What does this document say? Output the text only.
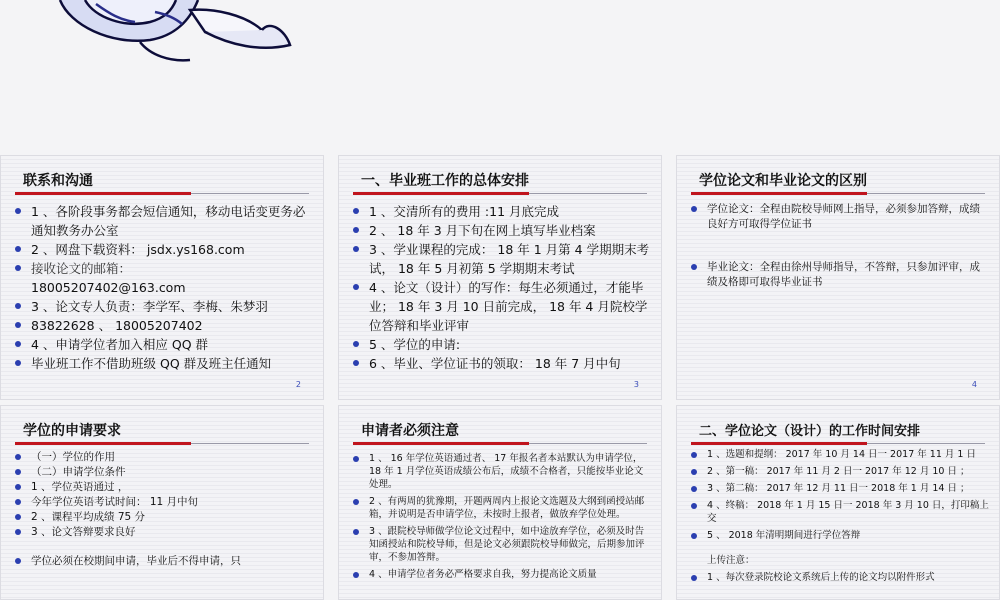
联系和沟通
1 、各阶段事务都会短信通知，移动电话变更务必通知教务办公室
2 、网盘下载资料： jsdx.ys168.com
接收论文的邮箱：
18005207402@163.com
3 、论文专人负责：李学军、李梅、朱梦羽
83822628 、 18005207402
4 、申请学位者加入相应 QQ 群
毕业班工作不借助班级 QQ 群及班主任通知
2
一、毕业班工作的总体安排
1 、交清所有的费用 :11 月底完成
2 、 18 年 3 月下旬在网上填写毕业档案
3 、学业课程的完成： 18 年 1 月第 4 学期期末考试， 18 年 5 月初第 5 学期期末考试
4 、论文（设计）的写作：每生必须通过，才能毕业； 18 年 3 月 10 日前完成， 18 年 4 月院校学位答辩和毕业评审
5 、学位的申请:
6 、毕业、学位证书的领取： 18 年 7 月中旬
3
学位论文和毕业论文的区别
学位论文：全程由院校导师网上指导，必须参加答辩，成绩良好方可取得学位证书
毕业论文：全程由徐州导师指导，不答辩，只参加评审，成绩及格即可取得毕业证书
4
学位的申请要求
（一）学位的作用
（二）申请学位条件
1 、学位英语通过 ，
今年学位英语考试时间： 11 月中旬
2 、课程平均成绩 75 分
3 、论文答辩要求良好
学位必须在校期间申请，毕业后不得申请，只
申请者必须注意
1 、 16 年学位英语通过者、 17 年报名者本站默认为申请学位， 18 年 1 月学位英语成绩公布后，成绩不合格者，只能按毕业论文处理。
2 、有两周的犹豫期，开题两周内上报论文选题及大纲到函授站邮箱，并说明是否申请学位，未按时上报者，做放弃学位处理。
3 、跟院校导师做学位论文过程中，如中途放弃学位，必须及时告知函授站和院校导师，但是论文必须跟院校导师做完，后期参加评审，不参加答辩。
4 、申请学位者务必严格要求自我，努力提高论文质量
二、学位论文（设计）的工作时间安排
1 、选题和提纲： 2017 年 10 月 14 日一 2017 年 11 月 1 日
2 、第一稿： 2017 年 11 月 2 日一 2017 年 12 月 10 日 ；
3 、第二稿： 2017 年 12 月 11 日一 2018 年 1 月 14 日 ；
4 、终稿： 2018 年 1 月 15 日一 2018 年 3 月 10 日，打印稿上交
5 、 2018 年清明期间进行学位答辩
上传注意：
1 、每次登录院校论文系统后上传的论文均以附件形式
